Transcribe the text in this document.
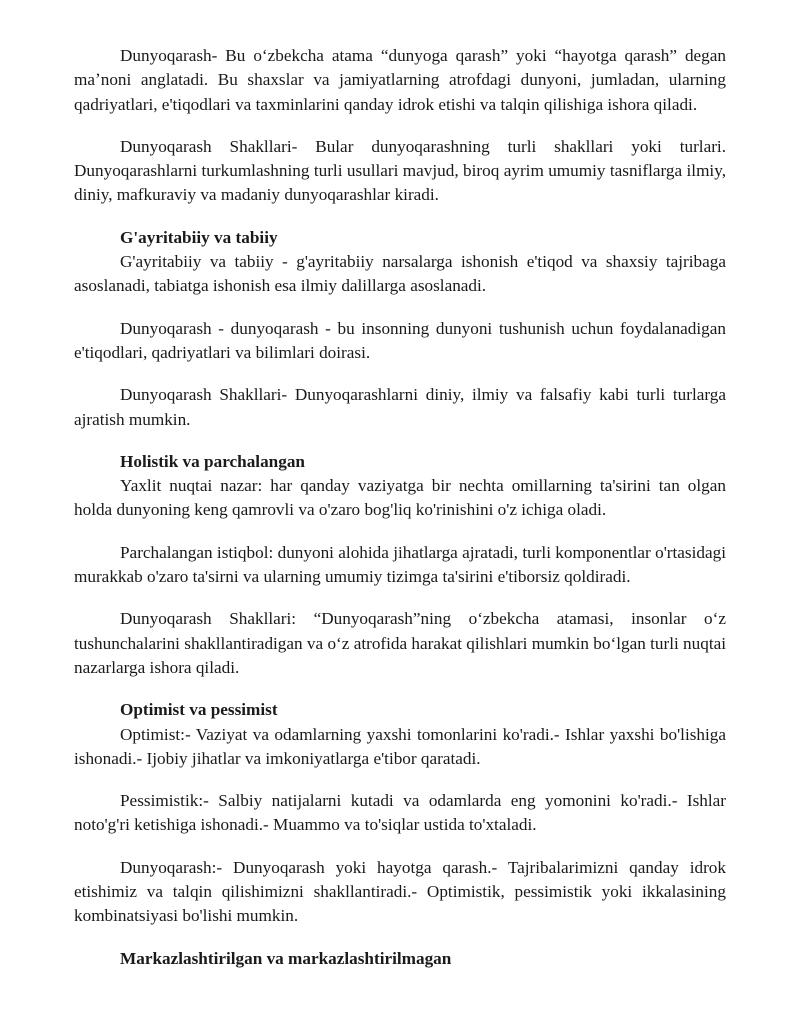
Dunyoqarash- Bu oʻzbekcha atama “dunyoga qarash” yoki “hayotga qarash” degan maʼnoni anglatadi. Bu shaxslar va jamiyatlarning atrofdagi dunyoni, jumladan, ularning qadriyatlari, e'tiqodlari va taxminlarini qanday idrok etishi va talqin qilishiga ishora qiladi.

Dunyoqarash Shakllari- Bular dunyoqarashning turli shakllari yoki turlari. Dunyoqarashlarni turkumlashning turli usullari mavjud, biroq ayrim umumiy tasniflarga ilmiy, diniy, mafkuraviy va madaniy dunyoqarashlar kiradi.

G'ayritabiiy va tabiiy

G'ayritabiiy va tabiiy - g'ayritabiiy narsalarga ishonish e'tiqod va shaxsiy tajribaga asoslanadi, tabiatga ishonish esa ilmiy dalillarga asoslanadi.

Dunyoqarash - dunyoqarash - bu insonning dunyoni tushunish uchun foydalanadigan e'tiqodlari, qadriyatlari va bilimlari doirasi.

Dunyoqarash Shakllari- Dunyoqarashlarni diniy, ilmiy va falsafiy kabi turli turlarga ajratish mumkin.

Holistik va parchalangan

Yaxlit nuqtai nazar: har qanday vaziyatga bir nechta omillarning ta'sirini tan olgan holda dunyoning keng qamrovli va o'zaro bog'liq ko'rinishini o'z ichiga oladi.

Parchalangan istiqbol: dunyoni alohida jihatlarga ajratadi, turli komponentlar o'rtasidagi murakkab o'zaro ta'sirni va ularning umumiy tizimga ta'sirini e'tiborsiz qoldiradi.

Dunyoqarash Shakllari: “Dunyoqarash”ning oʻzbekcha atamasi, insonlar oʻz tushunchalarini shakllantiradigan va oʻz atrofida harakat qilishlari mumkin boʻlgan turli nuqtai nazarlarga ishora qiladi.

Optimist va pessimist

Optimist:- Vaziyat va odamlarning yaxshi tomonlarini ko'radi.- Ishlar yaxshi bo'lishiga ishonadi.- Ijobiy jihatlar va imkoniyatlarga e'tibor qaratadi.

Pessimistik:- Salbiy natijalarni kutadi va odamlarda eng yomonini ko'radi.- Ishlar noto'g'ri ketishiga ishonadi.- Muammo va to'siqlar ustida to'xtaladi.

Dunyoqarash:- Dunyoqarash yoki hayotga qarash.- Tajribalarimizni qanday idrok etishimiz va talqin qilishimizni shakllantiradi.- Optimistik, pessimistik yoki ikkalasining kombinatsiyasi bo'lishi mumkin.

Markazlashtirilgan va markazlashtirilmagan
